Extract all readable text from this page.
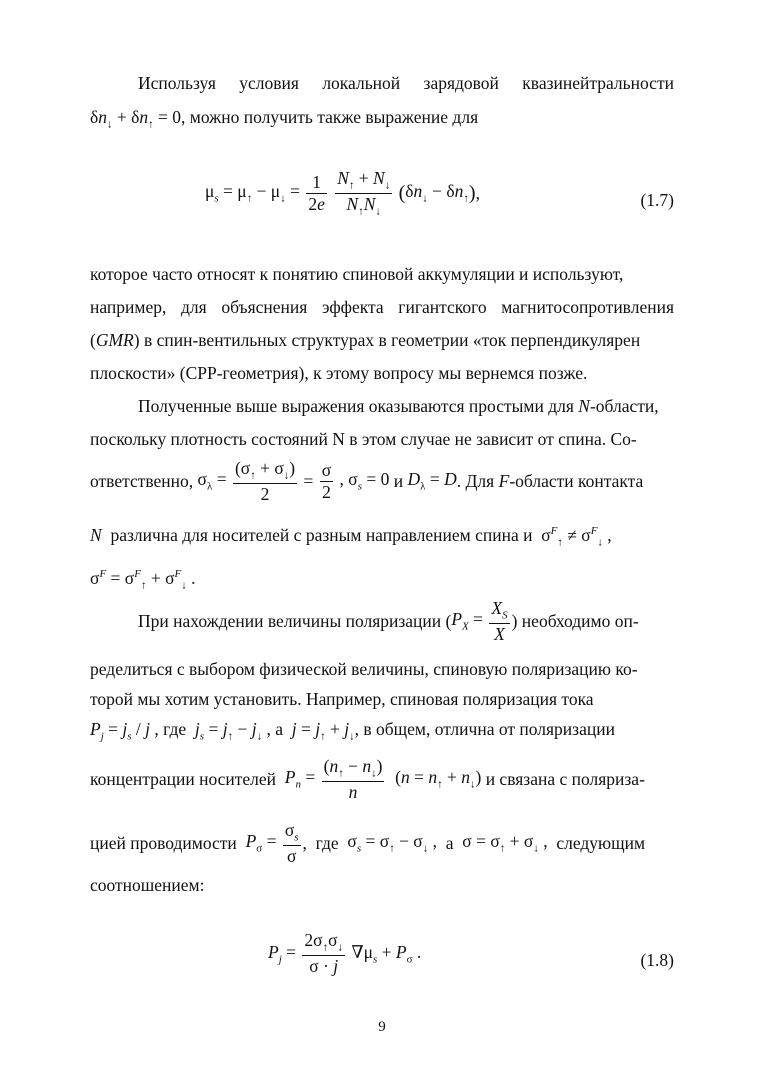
Используя условия локальной зарядовой квазинейтральности
$\delta n_↓ + \delta n_↑ = 0$, можно получить также выражение для
$\mu_s = \mu_↑ - \mu_↓ = \frac{1}{2e}$
$\frac{N_↑ + N_↓}{N_↑N_↓} (\delta n_↓ - \delta n_↑)$,	(1.7)
которое часто относят к понятию спиновой аккумуляции и используют,
например, для объяснения эффекта гигантского магнитосопротивления
(GMR) в спин-вентильных структурах в геометрии «ток перпендикулярен
плоскости» (CPP-геометрия), к этому вопросу мы вернемся позже.
Полученные выше выражения оказываются простыми для N-области,
поскольку плотность состояний N в этом случае не зависит от спина. Со-
ответственно, $\sigma_\lambda = \frac{(\sigma_↑ + \sigma_↓)}{2} = \frac{\sigma}{2}$ , $\sigma_s = 0$ и $D_\lambda = D$. Для F-области контакта
N различна для носителей с разным направлением спина и  $\sigma^F_↑ \ne \sigma^F_↓$ ,
$\sigma^F = \sigma^F_↑ + \sigma^F_↓$ .
При нахождении величины поляризации ($P_X = \frac{X_S}{X}$ ) необходимо оп-
ределиться с выбором физической величины, спиновую поляризацию ко-
торой мы хотим установить. Например, спиновая поляризация тока
$P_j = j_s / j$ , где $j_s = j_↑ - j_↓$ , а $j = j_↑ + j_↓$, в общем, отлична от поляризации
концентрации носителей $P_n = \frac{(n_↑ - n_↓)}{n} (n = n_↑ + n_↓)$ и связана с поляриза-
цией проводимости $P_\sigma = \frac{\sigma_s}{\sigma}$ ,  где  $\sigma_s = \sigma_↑ - \sigma_↓$ ,  а  $\sigma = \sigma_↑ + \sigma_↓$ ,  следующим
соотношением:
$P_j = \frac{2\sigma_↑\sigma_↓}{\sigma \cdot j} \nabla\mu_s + P_\sigma$ .	(1.8)
9
